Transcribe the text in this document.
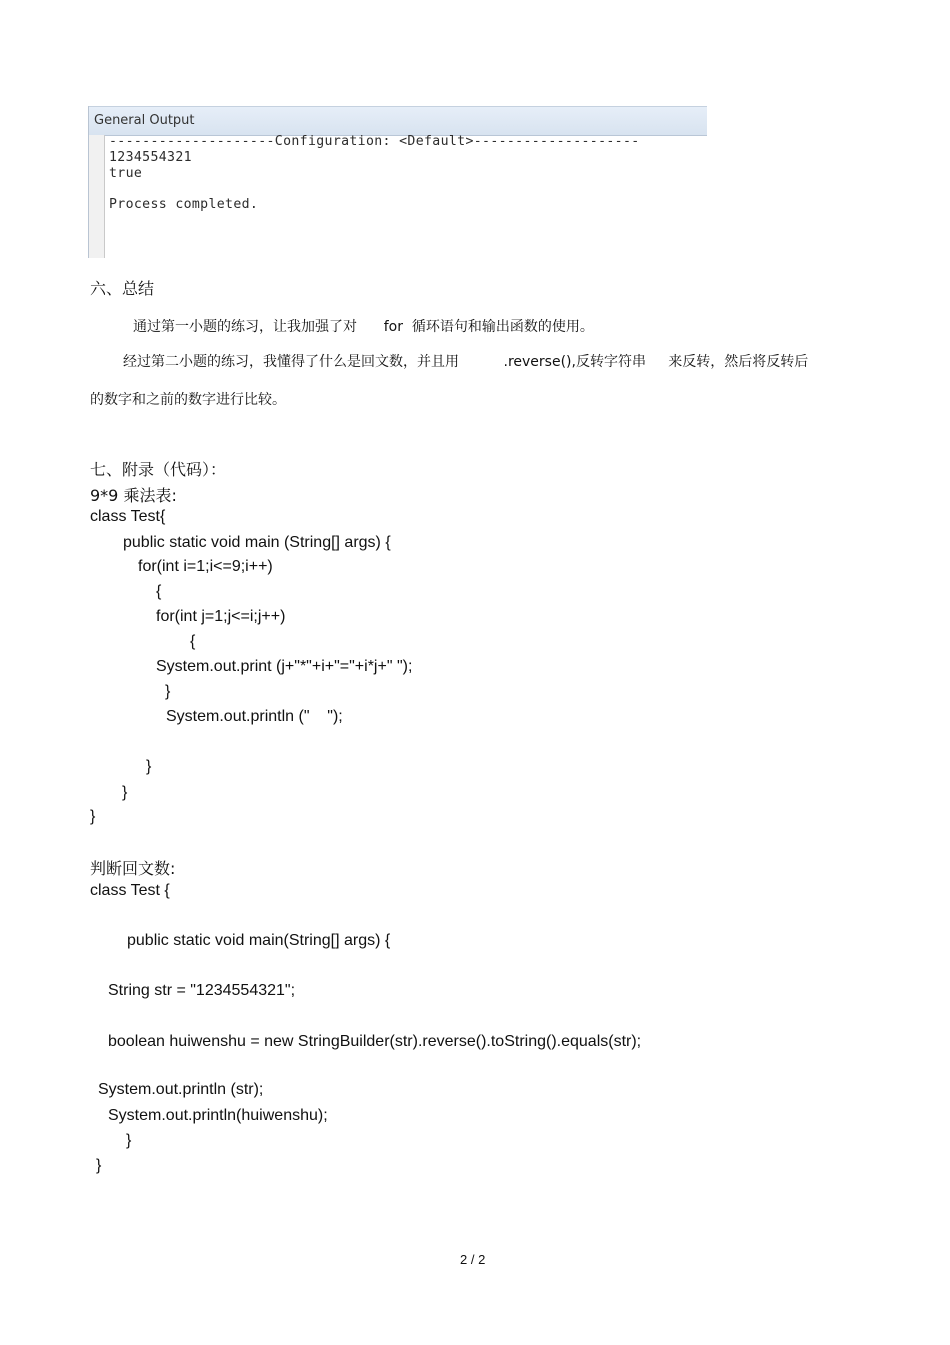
General Output
--------------------Configuration: <Default>--------------------
1234554321
true
Process completed.
六、总结
通过第一小题的练习，让我加强了对      for  循环语句和输出函数的使用。
经过第二小题的练习，我懂得了什么是回文数，并且用          .reverse(),反转字符串     来反转，然后将反转后
的数字和之前的数字进行比较。
七、附录（代码）：
9*9 乘法表:
class Test{
public static void main (String[] args) {
for(int i=1;i<=9;i++)
{
for(int j=1;j<=i;j++)
{
System.out.print (j+"*"+i+"="+i*j+" ");
}
System.out.println ("    ");
}
}
}
判断回文数:
class Test {
public static void main(String[] args) {
String str = "1234554321";
boolean huiwenshu = new StringBuilder(str).reverse().toString().equals(str);
System.out.println (str);
System.out.println(huiwenshu);
}
}
2 / 2
